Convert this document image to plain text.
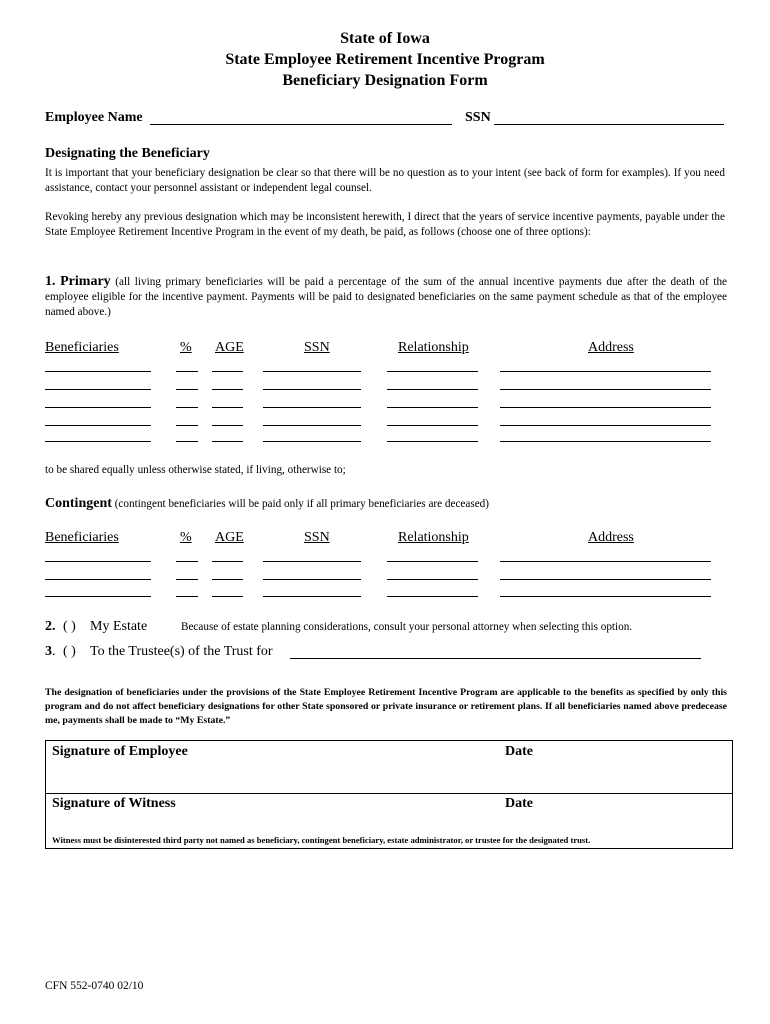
State of Iowa
State Employee Retirement Incentive Program
Beneficiary Designation Form
Employee Name	SSN
Designating the Beneficiary
It is important that your beneficiary designation be clear so that there will be no question as to your intent (see back of form for examples). If you need assistance, contact your personnel assistant or independent legal counsel.
Revoking hereby any previous designation which may be inconsistent herewith, I direct that the years of service incentive payments, payable under the State Employee Retirement Incentive Program in the event of my death, be paid, as follows (choose one of three options):
1. Primary (all living primary beneficiaries will be paid a percentage of the sum of the annual incentive payments due after the death of the employee eligible for the incentive payment. Payments will be paid to designated beneficiaries on the same payment schedule as that of the employee named above.)
Beneficiaries	% AGE	SSN	Relationship	Address
to be shared equally unless otherwise stated, if living, otherwise to;
Contingent (contingent beneficiaries will be paid only if all primary beneficiaries are deceased)
Beneficiaries	% AGE	SSN	Relationship	Address
2. ( ) My Estate	Because of estate planning considerations, consult your personal attorney when selecting this option.
3. ( ) To the Trustee(s) of the Trust for
The designation of beneficiaries under the provisions of the State Employee Retirement Incentive Program are applicable to the benefits as specified by only this program and do not affect beneficiary designations for other State sponsored or private insurance or retirement plans. If all beneficiaries named above predecease me, payments shall be made to “My Estate.”
Signature of Employee	Date
Signature of Witness	Date
Witness must be disinterested third party not named as beneficiary, contingent beneficiary, estate administrator, or trustee for the designated trust.
CFN 552-0740 02/10
